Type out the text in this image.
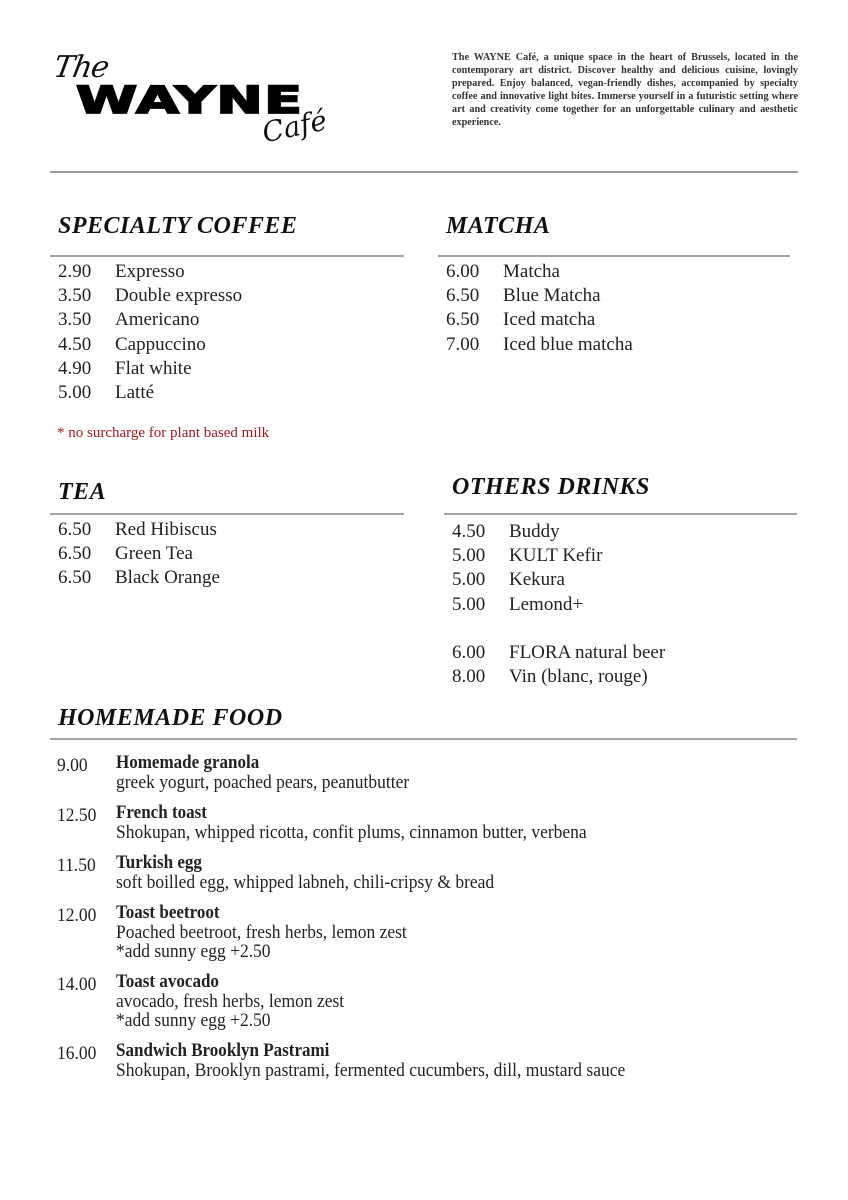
The
WAYNE
Café

The WAYNE Café, a unique space in the heart of Brussels, located in the contemporary art district. Discover healthy and delicious cuisine, lovingly prepared. Enjoy balanced, vegan-friendly dishes, accompanied by specialty coffee and innovative light bites. Immerse yourself in a futuristic setting where art and creativity come together for an unforgettable culinary and aesthetic experience.

SPECIALTY COFFEE
2.90	Expresso
3.50	Double expresso
3.50	Americano
4.50	Cappuccino
4.90	Flat white
5.00	Latté

* no surcharge for plant based milk

MATCHA
6.00	Matcha
6.50	Blue Matcha
6.50	Iced matcha
7.00	Iced blue matcha
TEA
6.50	Red Hibiscus
6.50	Green Tea
6.50	Black Orange
OTHERS DRINKS
4.50	Buddy
5.00	KULT Kefir
5.00	Kekura
5.00	Lemond+
6.00	FLORA natural beer
8.00	Vin (blanc, rouge)
HOMEMADE FOOD
9.00	Homemade granola
greek yogurt, poached pears, peanutbutter
12.50	French toast
Shokupan, whipped ricotta, confit plums, cinnamon butter, verbena
11.50	Turkish egg
soft boilled egg, whipped labneh, chili-cripsy & bread
12.00	Toast beetroot
Poached beetroot, fresh herbs, lemon zest
*add sunny egg +2.50
14.00	Toast avocado
avocado, fresh herbs, lemon zest
*add sunny egg +2.50
16.00	Sandwich Brooklyn Pastrami
Shokupan, Brooklyn pastrami, fermented cucumbers, dill, mustard sauce
